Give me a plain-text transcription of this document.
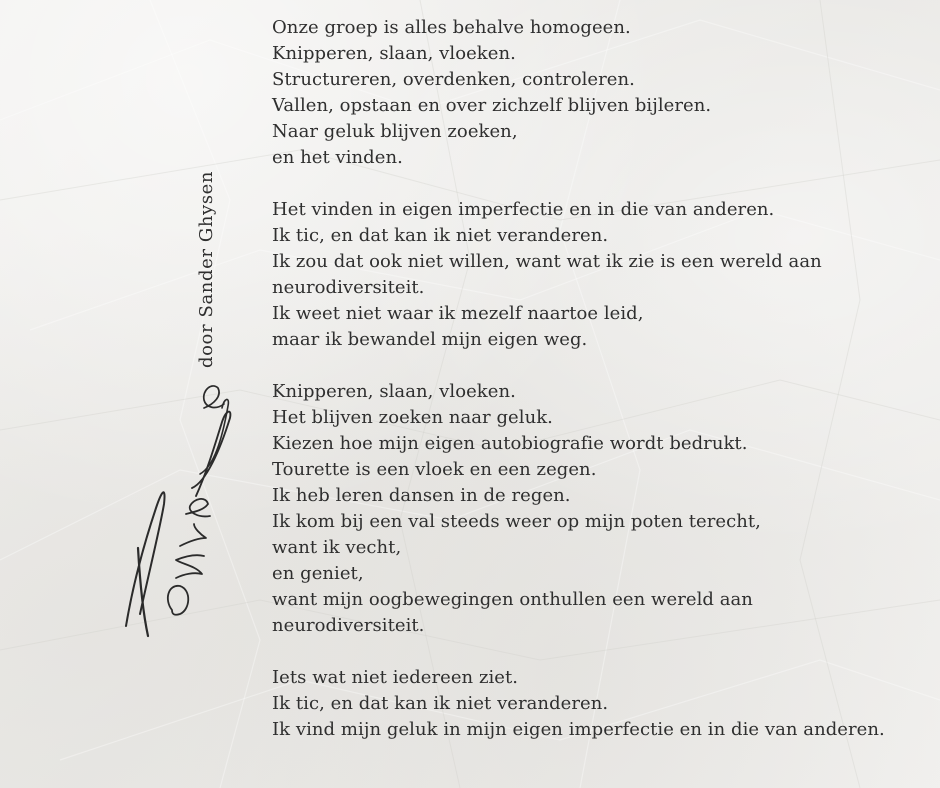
door Sander Ghysen
Onze groep is alles behalve homogeen.
Knipperen, slaan, vloeken.
Structureren, overdenken, controleren.
Vallen, opstaan en over zichzelf blijven bijleren.
Naar geluk blijven zoeken,
en het vinden.
Het vinden in eigen imperfectie en in die van anderen.
Ik tic, en dat kan ik niet veranderen.
Ik zou dat ook niet willen, want wat ik zie is een wereld aan
neurodiversiteit.
Ik weet niet waar ik mezelf naartoe leid,
maar ik bewandel mijn eigen weg.
Knipperen, slaan, vloeken.
Het blijven zoeken naar geluk.
Kiezen hoe mijn eigen autobiografie wordt bedrukt.
Tourette is een vloek en een zegen.
Ik heb leren dansen in de regen.
Ik kom bij een val steeds weer op mijn poten terecht,
want ik vecht,
en geniet,
want mijn oogbewegingen onthullen een wereld aan
neurodiversiteit.
Iets wat niet iedereen ziet.
Ik tic, en dat kan ik niet veranderen.
Ik vind mijn geluk in mijn eigen imperfectie en in die van anderen.
